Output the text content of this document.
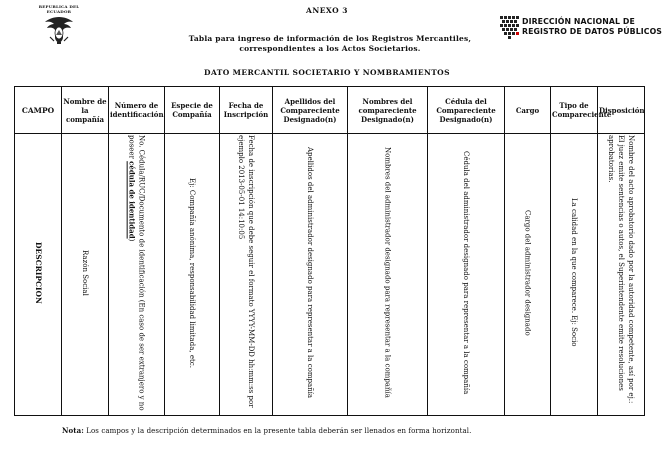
REPUBLICA DEL ECUADOR	ANEXO 3
Tabla para ingreso de información de los Registros Mercantiles,
correspondientes a los Actos Societarios.
DIRECCIÓN NACIONAL DE
REGISTRO DE DATOS PÚBLICOS
DATO MERCANTIL SOCIETARIO Y NOMBRAMIENTOS
CAMPO	Nombre de la compañía	Número de identificación	Especie de Compañía	Fecha de Inscripción	Apellidos del Compareciente Designado(n)	Nombres del compareciente Designado(n)	Cédula del Compareciente Designado(n)	Cargo	Tipo de Compareciente	Disposición
DESCRIPCION	Razón Social	No. Cédula/RUC/Documento de identificación (En caso de ser extranjero y no poseer cédula de identidad)	Ej: Compañía anónima, responsabilidad limitada, etc.	Fecha de inscripción que debe seguir el formato YYYY-MM-DD hh:mm:ss por ejemplo 2013-05-01 14:10:05	Apellidos del administrador designado para representar a la compañía	Nombres del administrador designado para representar a la compañía	Cédula del administrador designado para representar a la compañía	Cargo del administrador designado	La calidad en la que comparece. Ej: Socio	Nombre del acto aprobatorio dado por la autoridad competente, así por ej.: El juez emite sentencias o autos, el Superintendente emite resoluciones aprobatorias.
Nota: Los campos y la descripción determinados en la presente tabla deberán ser llenados en forma horizontal.
